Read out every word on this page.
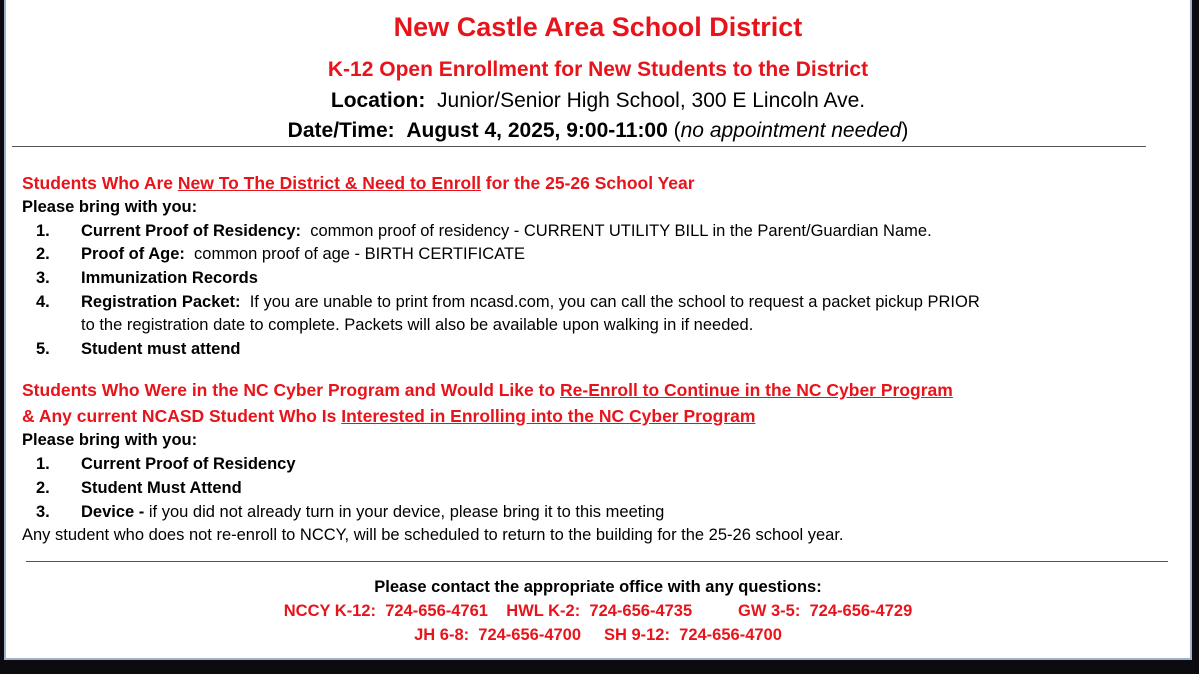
New Castle Area School District
K-12 Open Enrollment for New Students to the District
Location: Junior/Senior High School, 300 E Lincoln Ave.
Date/Time: August 4, 2025, 9:00-11:00 (no appointment needed)
Students Who Are New To The District & Need to Enroll for the 25-26 School Year
Please bring with you:
1. Current Proof of Residency: common proof of residency - CURRENT UTILITY BILL in the Parent/Guardian Name.
2. Proof of Age: common proof of age - BIRTH CERTIFICATE
3. Immunization Records
4. Registration Packet: If you are unable to print from ncasd.com, you can call the school to request a packet pickup PRIOR
to the registration date to complete. Packets will also be available upon walking in if needed.
5. Student must attend
Students Who Were in the NC Cyber Program and Would Like to Re-Enroll to Continue in the NC Cyber Program
& Any current NCASD Student Who Is Interested in Enrolling into the NC Cyber Program
Please bring with you:
1. Current Proof of Residency
2. Student Must Attend
3. Device - if you did not already turn in your device, please bring it to this meeting
Any student who does not re-enroll to NCCY, will be scheduled to return to the building for the 25-26 school year.
Please contact the appropriate office with any questions:
NCCY K-12:  724-656-4761    HWL K-2:  724-656-4735          GW 3-5:  724-656-4729
JH 6-8:  724-656-4700     SH 9-12:  724-656-4700
